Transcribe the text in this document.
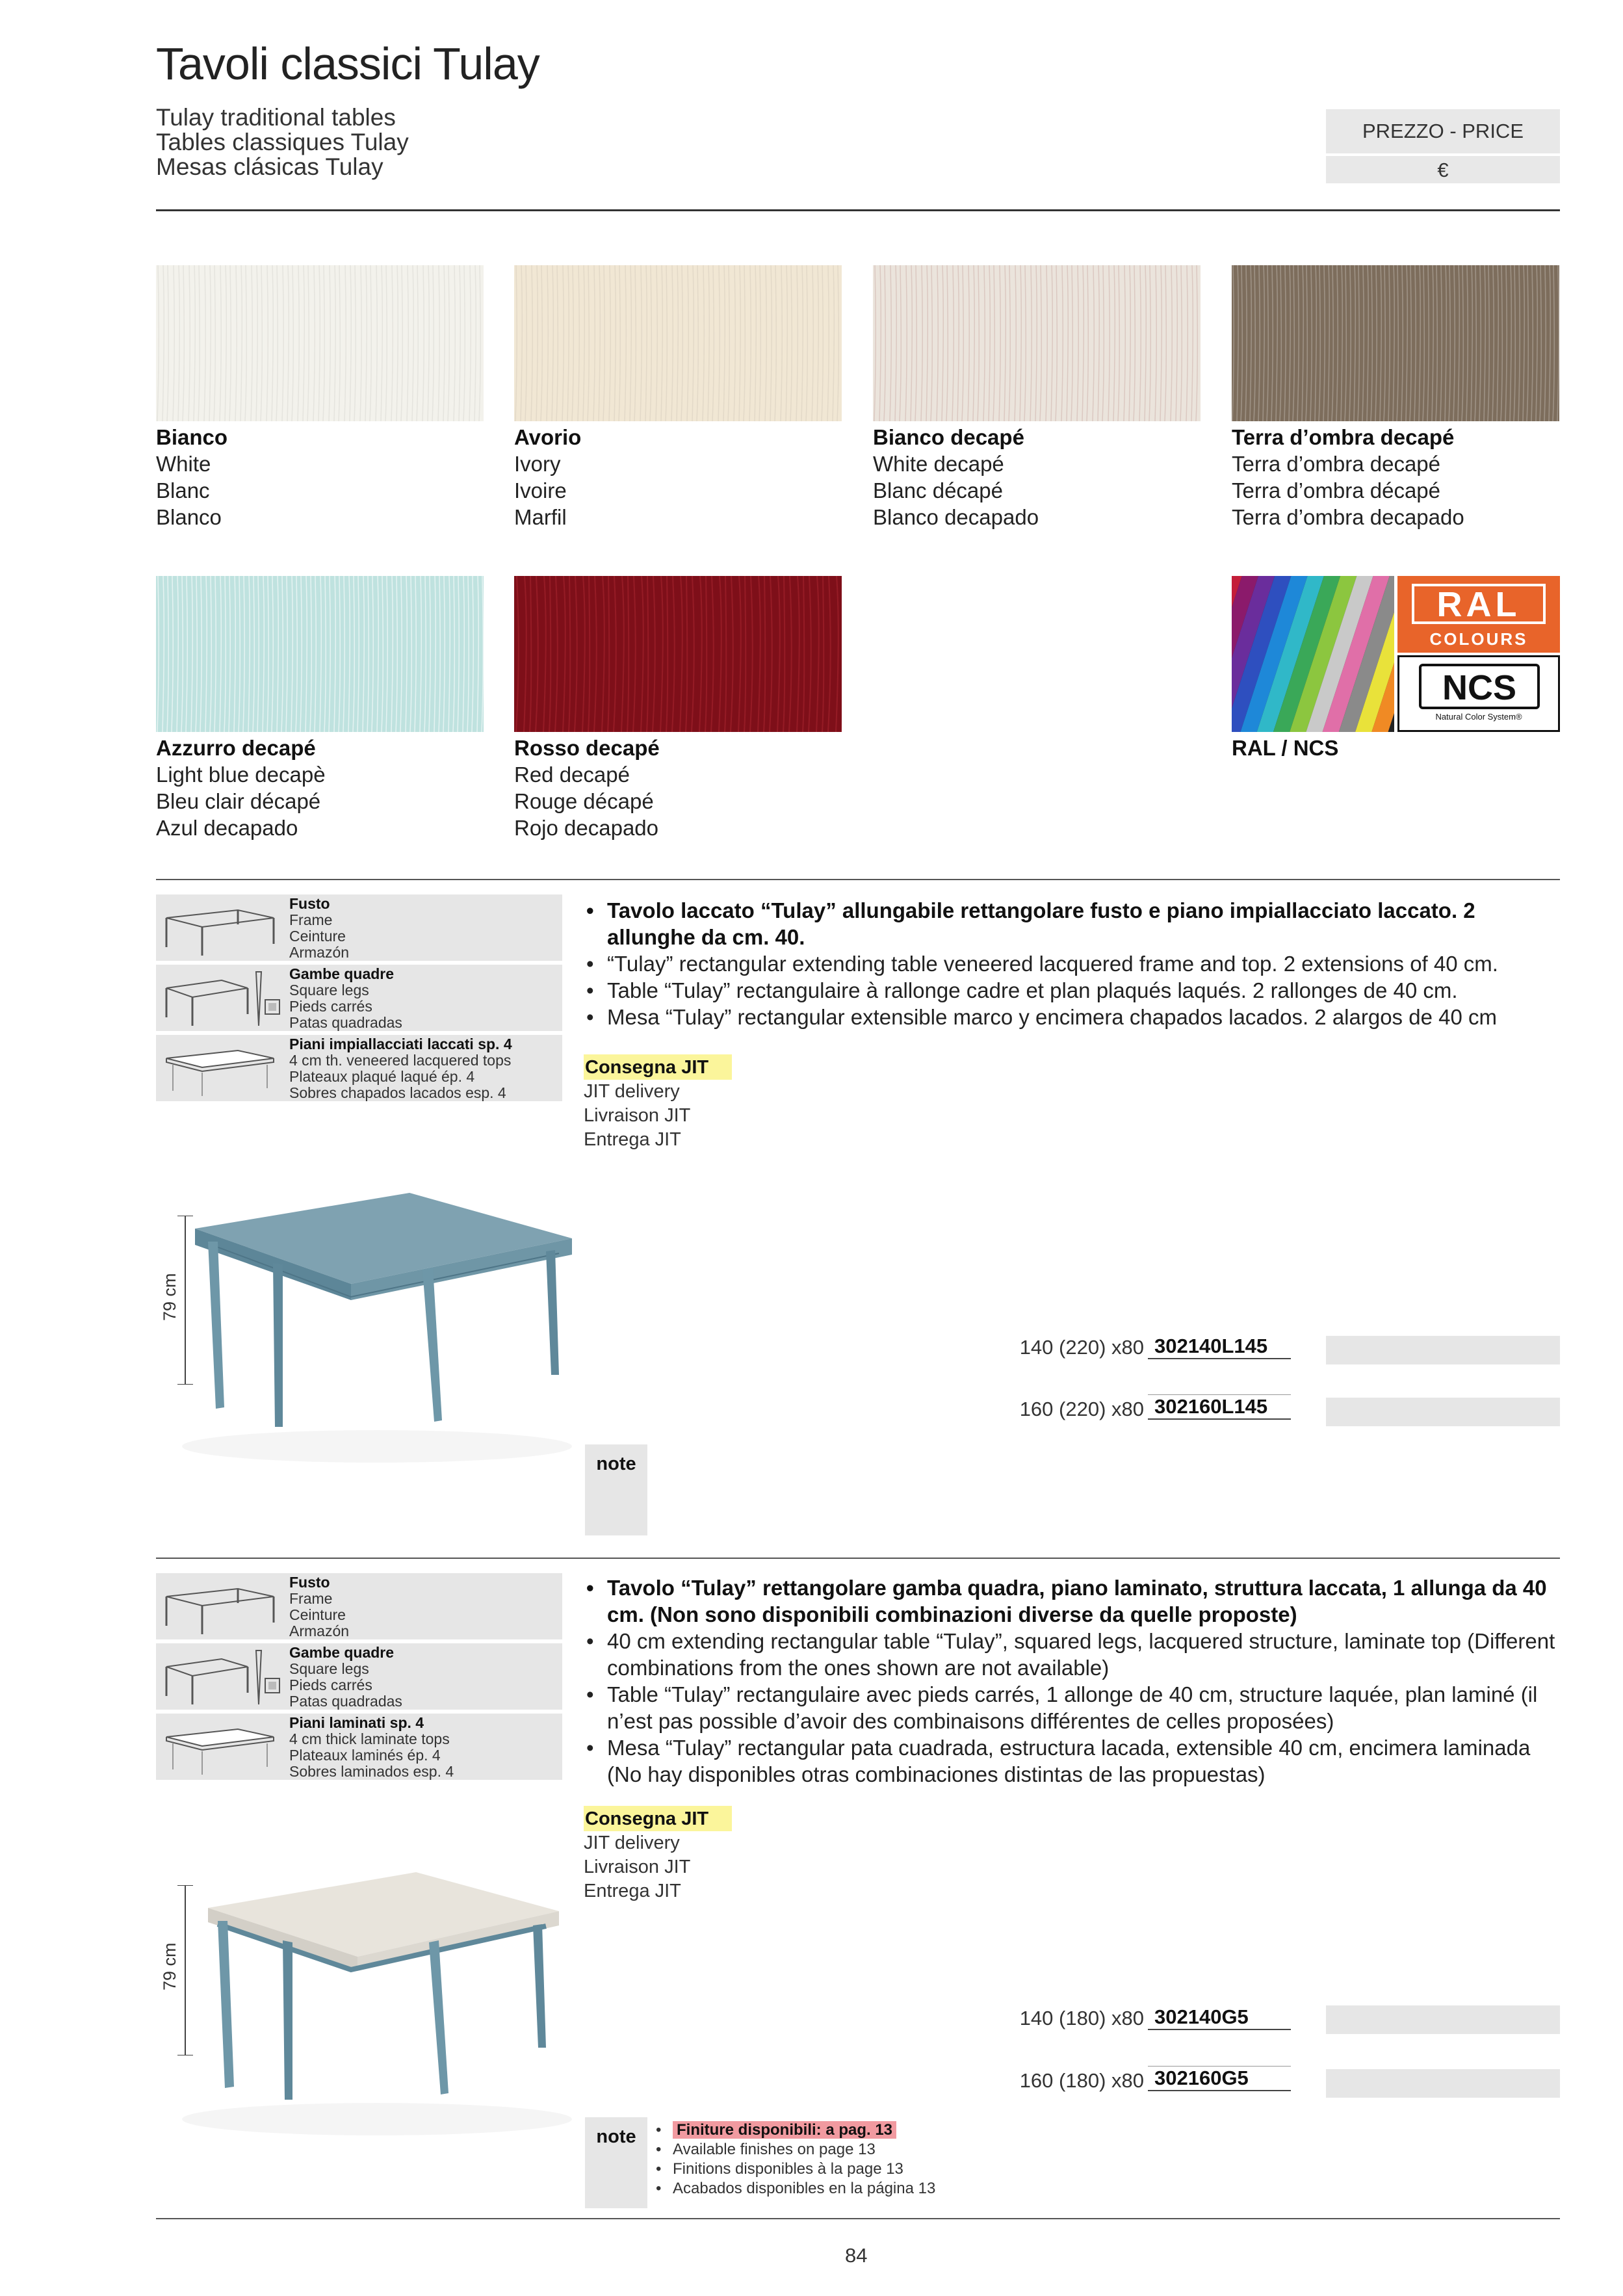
Tavoli classici Tulay
Tulay traditional tables
Tables classiques Tulay
Mesas clásicas Tulay
PREZZO - PRICE
€
Bianco
White
Blanc
Blanco
Avorio
Ivory
Ivoire
Marfil
Bianco decapé
White decapé
Blanc décapé
Blanco decapado
Terra d’ombra decapé
Terra d’ombra decapé
Terra d’ombra décapé
Terra d’ombra decapado
RAL
COLOURS
NCS
Natural Color System®
Azzurro decapé
Light blue decapè
Bleu clair décapé
Azul decapado
Rosso decapé
Red decapé
Rouge décapé
Rojo decapado
RAL / NCS
Fusto
Frame
Ceinture
Armazón
Gambe quadre
Square legs
Pieds carrés
Patas quadradas
Piani impiallacciati laccati sp. 4
4 cm th. veneered lacquered tops
Plateaux plaqué laqué ép. 4
Sobres chapados lacados esp. 4
• Tavolo laccato “Tulay” allungabile rettangolare fusto e piano impiallacciato laccato. 2 allunghe da cm. 40.
• “Tulay” rectangular extending table veneered lacquered frame and top. 2 extensions of 40 cm.
• Table “Tulay” rectangulaire à rallonge cadre et plan plaqués laqués. 2 rallonges de 40 cm.
• Mesa “Tulay” rectangular extensible marco y encimera chapados lacados. 2 alargos de 40 cm
Consegna JIT
JIT delivery
Livraison JIT
Entrega JIT
79 cm
140 (220) x80 302140L145
160 (220) x80 302160L145
note
Fusto
Frame
Ceinture
Armazón
Gambe quadre
Square legs
Pieds carrés
Patas quadradas
Piani laminati sp. 4
4 cm thick laminate tops
Plateaux laminés ép. 4
Sobres laminados esp. 4
• Tavolo “Tulay” rettangolare gamba quadra, piano laminato, struttura laccata, 1 allunga da 40 cm. (Non sono disponibili combinazioni diverse da quelle proposte)
• 40 cm extending rectangular table “Tulay”, squared legs, lacquered structure, laminate top (Different combinations from the ones shown are not available)
• Table “Tulay” rectangulaire avec pieds carrés, 1 allonge de 40 cm, structure laquée, plan laminé (il n’est pas possible d’avoir des combinaisons différentes de celles proposées)
• Mesa “Tulay” rectangular pata cuadrada, estructura lacada, extensible 40 cm, encimera laminada (No hay disponibles otras combinaciones distintas de las propuestas)
Consegna JIT
JIT delivery
Livraison JIT
Entrega JIT
79 cm
140 (180) x80 302140G5
160 (180) x80 302160G5
note
•	Finiture disponibili: a pag. 13
• Available finishes on page 13
• Finitions disponibles à la page 13
• Acabados disponibles en la página 13
84
